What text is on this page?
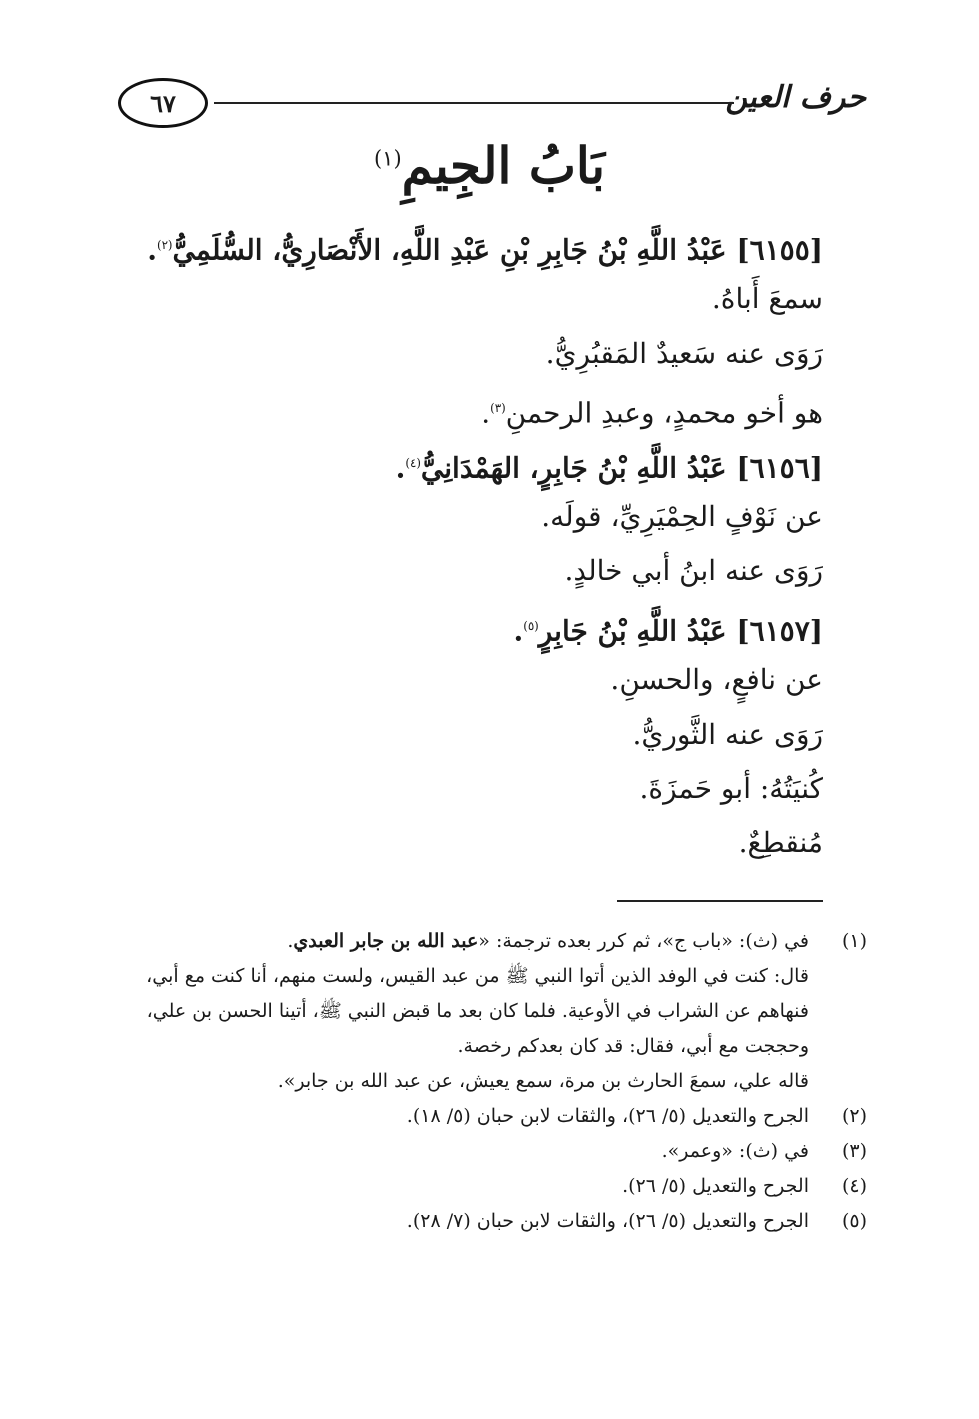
حرف العين
٦٧
بَابُ الجِيمِ$^{(١)}$
[٦١٥٥] عَبْدُ اللَّهِ بْنُ جَابِرِ بْنِ عَبْدِ اللَّهِ، الأَنْصَارِيُّ، السُّلَمِيُّ$^{(٢)}$.
سمعَ أَباهُ.
رَوَى عنه سَعيدٌ المَقبُرِيُّ.
هو أخو محمدٍ، وعبدِ الرحمنِ$^{(٣)}$.
[٦١٥٦] عَبْدُ اللَّهِ بْنُ جَابِرٍ، الهَمْدَانِيُّ$^{(٤)}$.
عن نَوْفٍ الحِمْيَرِيِّ، قولَه.
رَوَى عنه ابنُ أبي خالدٍ.
[٦١٥٧] عَبْدُ اللَّهِ بْنُ جَابِرٍ$^{(٥)}$.
عن نافعٍ، والحسنِ.
رَوَى عنه الثَّوريُّ.
كُنيَتُهُ: أبو حَمزَةَ.
مُنقطِعٌ.
(١)
في (ث): «باب ج»، ثم كرر بعده ترجمة: «عبد الله بن جابر العبدي.
قال: كنت في الوفد الذين أتوا النبي ﷺ من عبد القيس، ولست منهم، أنا كنت مع أبي،
فنهاهم عن الشراب في الأوعية. فلما كان بعد ما قبض النبي ﷺ، أتينا الحسن بن علي،
وحججت مع أبي، فقال: قد كان بعدكم رخصة.
قاله علي، سمعَ الحارث بن مرة، سمع يعيش، عن عبد الله بن جابر».
(٢)
الجرح والتعديل (٥/ ٢٦)، والثقات لابن حبان (٥/ ١٨).
(٣)
في (ث): «وعمر».
(٤)
الجرح والتعديل (٥/ ٢٦).
(٥)
الجرح والتعديل (٥/ ٢٦)، والثقات لابن حبان (٧/ ٢٨).
